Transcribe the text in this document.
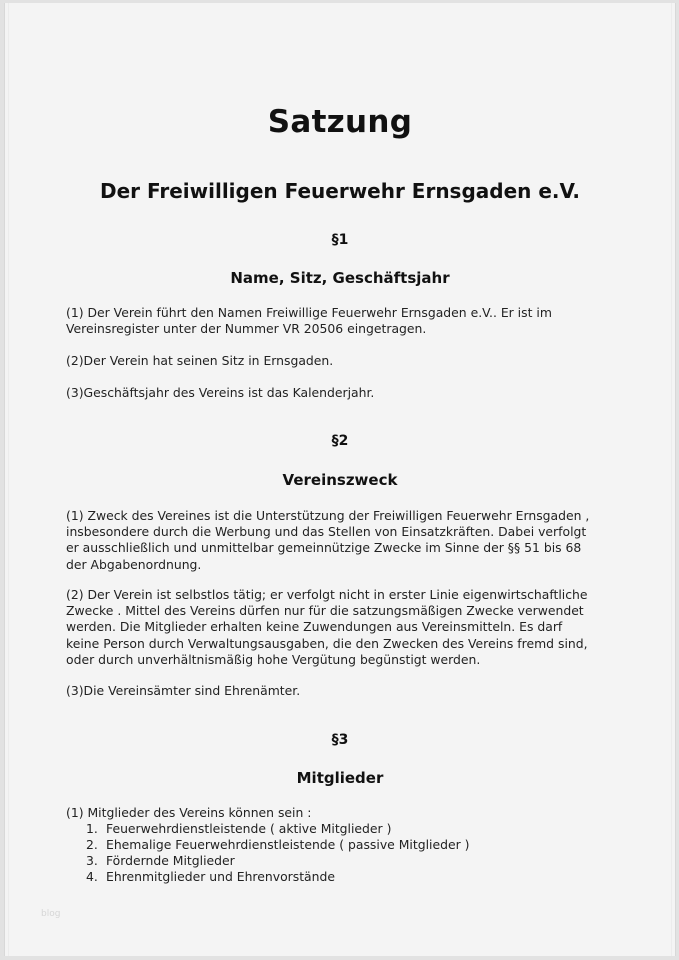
Satzung
Der Freiwilligen Feuerwehr Ernsgaden e.V.
§1
Name, Sitz, Geschäftsjahr

(1) Der Verein führt den Namen Freiwillige Feuerwehr Ernsgaden e.V.. Er ist im Vereinsregister unter der Nummer VR 20506 eingetragen.

(2)Der Verein hat seinen Sitz in Ernsgaden.

(3)Geschäftsjahr des Vereins ist das Kalenderjahr.

§2
Vereinszweck

(1) Zweck des Vereines ist die Unterstützung der Freiwilligen Feuerwehr Ernsgaden , insbesondere durch die Werbung und das Stellen von Einsatzkräften. Dabei verfolgt er ausschließlich und unmittelbar gemeinnützige Zwecke im Sinne der §§ 51 bis 68 der Abgabenordnung.

(2) Der Verein ist selbstlos tätig; er verfolgt nicht in erster Linie eigenwirtschaftliche Zwecke . Mittel des Vereins dürfen nur für die satzungsmäßigen Zwecke verwendet werden. Die Mitglieder erhalten keine Zuwendungen aus Vereinsmitteln. Es darf keine Person durch Verwaltungsausgaben, die den Zwecken des Vereins fremd sind, oder durch unverhältnismäßig hohe Vergütung begünstigt werden.

(3)Die Vereinsämter sind Ehrenämter.

§3
Mitglieder

(1) Mitglieder des Vereins können sein :

1. Feuerwehrdienstleistende ( aktive Mitglieder )
2. Ehemalige Feuerwehrdienstleistende ( passive Mitglieder )
3. Fördernde Mitglieder
4. Ehrenmitglieder und Ehrenvorstände
blog
